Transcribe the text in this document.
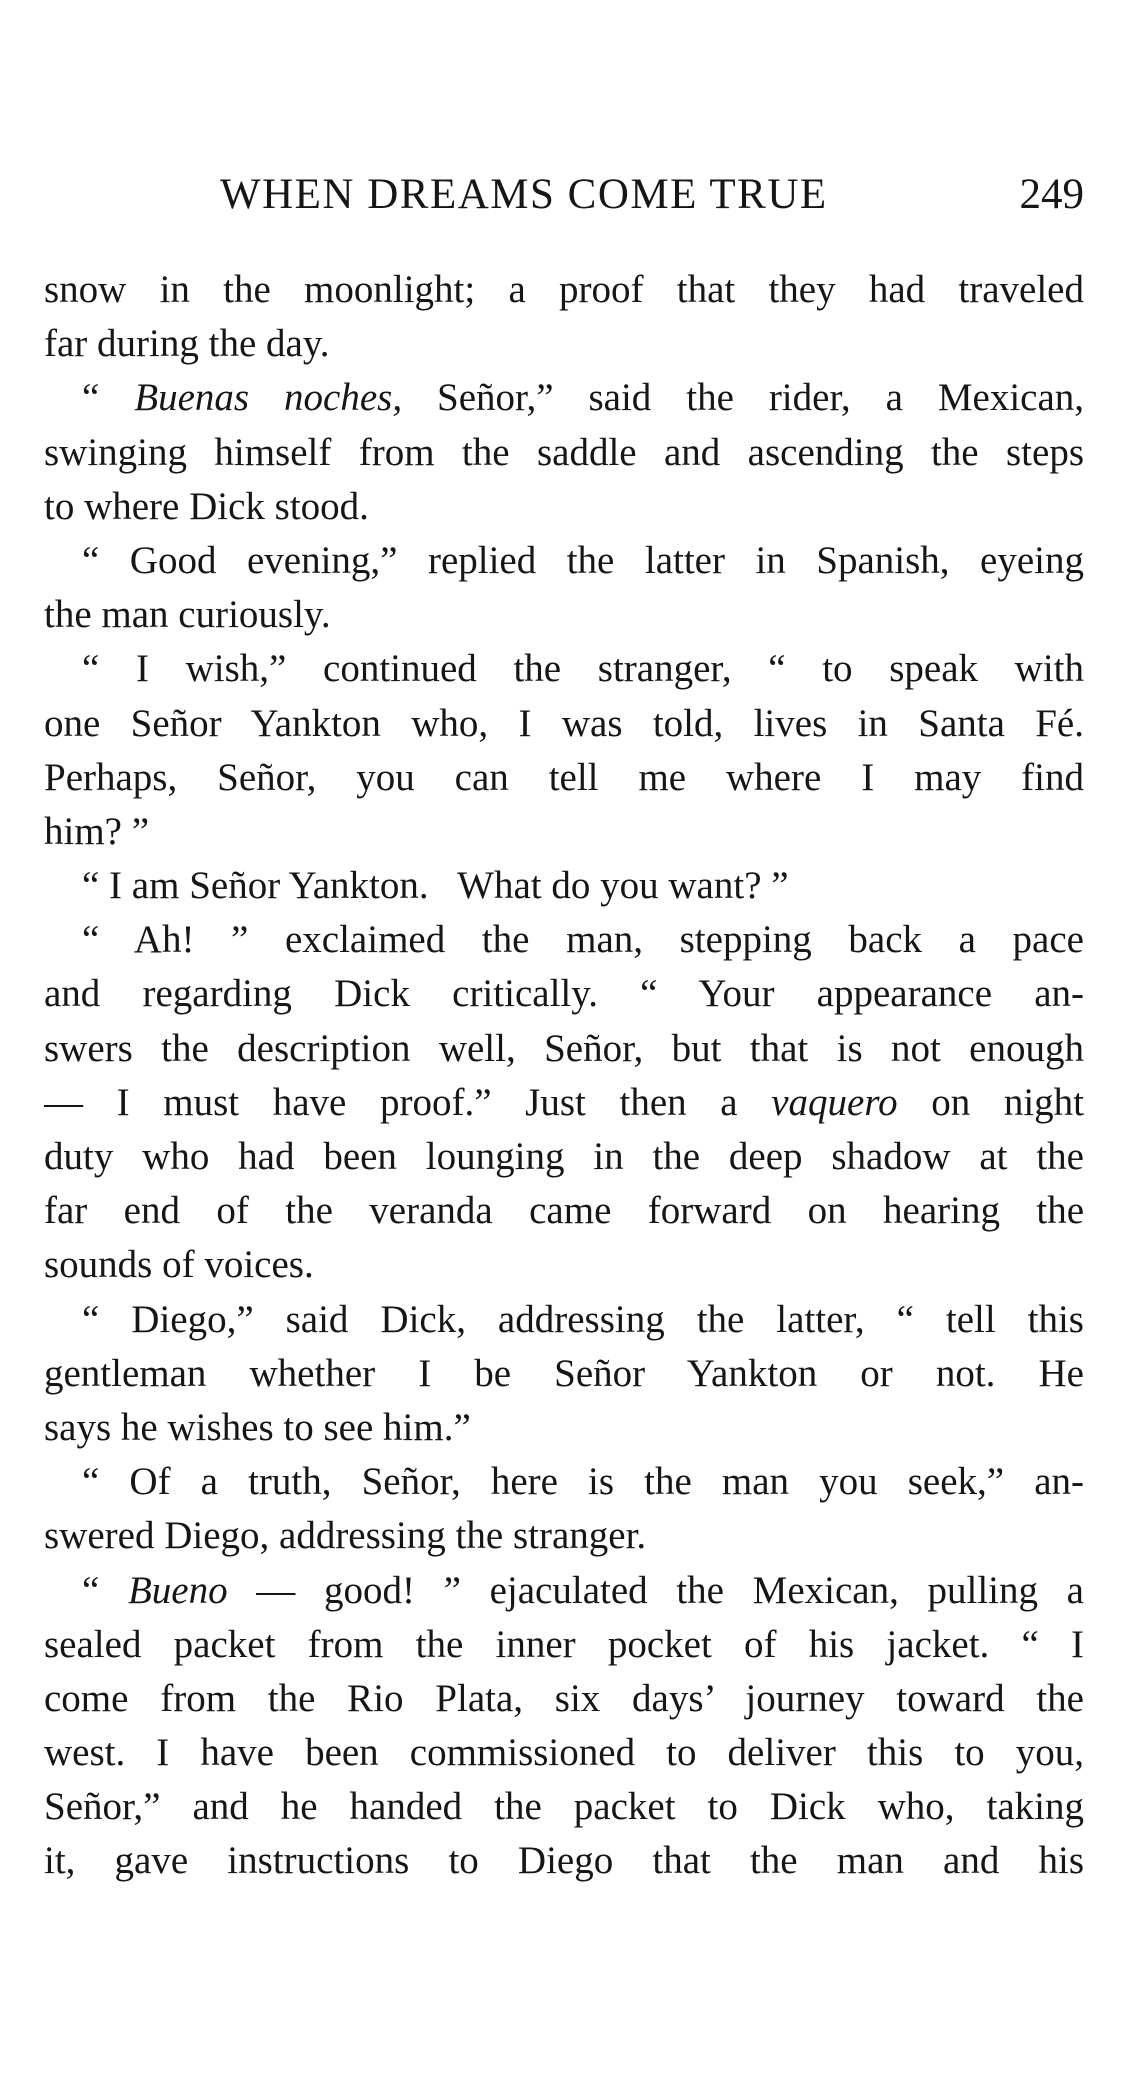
WHEN DREAMS COME TRUE	249
snow in the moonlight; a proof that they had traveled
far during the day.
“ Buenas noches, Señor,” said the rider, a Mexican,
swinging himself from the saddle and ascending the steps
to where Dick stood.
“ Good evening,” replied the latter in Spanish, eyeing
the man curiously.
“ I wish,” continued the stranger, “ to speak with
one Señor Yankton who, I was told, lives in Santa Fé.
Perhaps, Señor, you can tell me where I may find
him? ”
“ I am Señor Yankton.   What do you want? ”
“ Ah! ” exclaimed the man, stepping back a pace
and regarding Dick critically. “ Your appearance an-
swers the description well, Señor, but that is not enough
— I must have proof.” Just then a vaquero on night
duty who had been lounging in the deep shadow at the
far end of the veranda came forward on hearing the
sounds of voices.
“ Diego,” said Dick, addressing the latter, “ tell this
gentleman whether I be Señor Yankton or not. He
says he wishes to see him.”
“ Of a truth, Señor, here is the man you seek,” an-
swered Diego, addressing the stranger.
“ Bueno — good! ” ejaculated the Mexican, pulling a
sealed packet from the inner pocket of his jacket. “ I
come from the Rio Plata, six days’ journey toward the
west. I have been commissioned to deliver this to you,
Señor,” and he handed the packet to Dick who, taking
it, gave instructions to Diego that the man and his
